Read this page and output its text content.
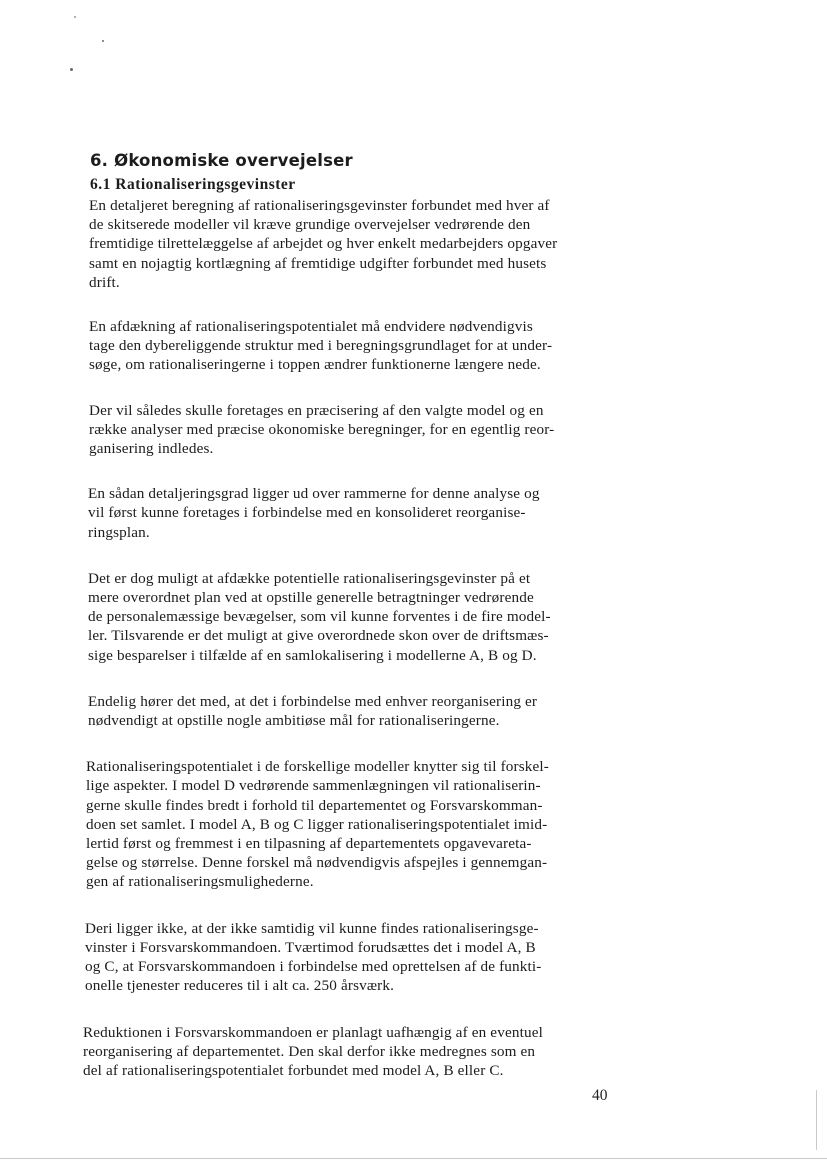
6. Økonomiske overvejelser
6.1 Rationaliseringsgevinster

En detaljeret beregning af rationaliseringsgevinster forbundet med hver af
de skitserede modeller vil kræve grundige overvejelser vedrørende den
fremtidige tilrettelæggelse af arbejdet og hver enkelt medarbejders opgaver
samt en nojagtig kortlægning af fremtidige udgifter forbundet med husets
drift.

En afdækning af rationaliseringspotentialet må endvidere nødvendigvis
tage den dybereliggende struktur med i beregningsgrundlaget for at under-
søge, om rationaliseringerne i toppen ændrer funktionerne længere nede.

Der vil således skulle foretages en præcisering af den valgte model og en
række analyser med præcise okonomiske beregninger, for en egentlig reor-
ganisering indledes.

En sådan detaljeringsgrad ligger ud over rammerne for denne analyse og
vil først kunne foretages i forbindelse med en konsolideret reorganise-
ringsplan.

Det er dog muligt at afdække potentielle rationaliseringsgevinster på et
mere overordnet plan ved at opstille generelle betragtninger vedrørende
de personalemæssige bevægelser, som vil kunne forventes i de fire model-
ler. Tilsvarende er det muligt at give overordnede skon over de driftsmæs-
sige besparelser i tilfælde af en samlokalisering i modellerne A, B og D.

Endelig hører det med, at det i forbindelse med enhver reorganisering er
nødvendigt at opstille nogle ambitiøse mål for rationaliseringerne.

Rationaliseringspotentialet i de forskellige modeller knytter sig til forskel-
lige aspekter. I model D vedrørende sammenlægningen vil rationaliserin-
gerne skulle findes bredt i forhold til departementet og Forsvarskomman-
doen set samlet. I model A, B og C ligger rationaliseringspotentialet imid-
lertid først og fremmest i en tilpasning af departementets opgavevareta-
gelse og størrelse. Denne forskel må nødvendigvis afspejles i gennemgan-
gen af rationaliseringsmulighederne.

Deri ligger ikke, at der ikke samtidig vil kunne findes rationaliseringsge-
vinster i Forsvarskommandoen. Tværtimod forudsættes det i model A, B
og C, at Forsvarskommandoen i forbindelse med oprettelsen af de funkti-
onelle tjenester reduceres til i alt ca. 250 årsværk.

Reduktionen i Forsvarskommandoen er planlagt uafhængig af en eventuel
reorganisering af departementet. Den skal derfor ikke medregnes som en
del af rationaliseringspotentialet forbundet med model A, B eller C.

40
